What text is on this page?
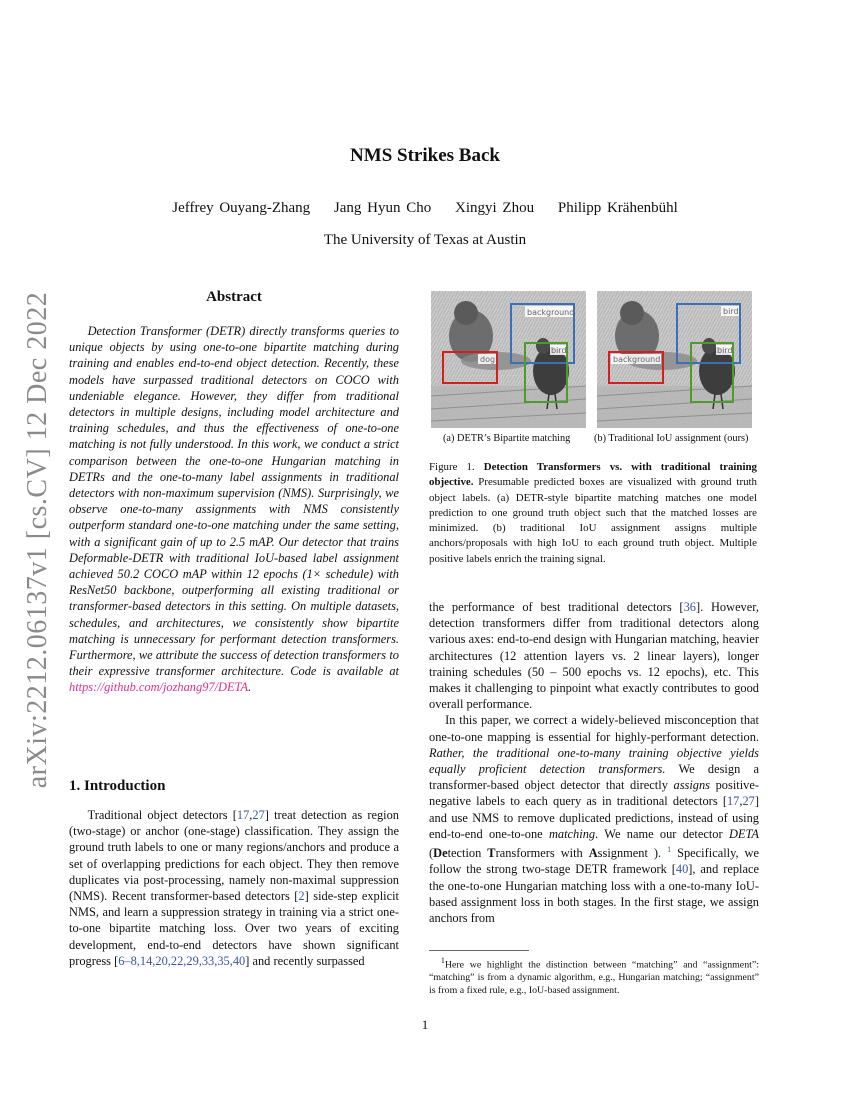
arXiv:2212.06137v1 [cs.CV] 12 Dec 2022
NMS Strikes Back
Jeffrey Ouyang-Zhang Jang Hyun Cho Xingyi Zhou Philipp Krähenbühl
The University of Texas at Austin
Abstract
Detection Transformer (DETR) directly transforms queries to unique objects by using one-to-one bipartite matching during training and enables end-to-end object detection. Recently, these models have surpassed traditional detectors on COCO with undeniable elegance. However, they differ from traditional detectors in multiple designs, including model architecture and training schedules, and thus the effectiveness of one-to-one matching is not fully understood. In this work, we conduct a strict comparison between the one-to-one Hungarian matching in DETRs and the one-to-many label assignments in traditional detectors with non-maximum supervision (NMS). Surprisingly, we observe one-to-many assignments with NMS consistently outperform standard one-to-one matching under the same setting, with a significant gain of up to 2.5 mAP. Our detector that trains Deformable-DETR with traditional IoU-based label assignment achieved 50.2 COCO mAP within 12 epochs (1× schedule) with ResNet50 backbone, outperforming all existing traditional or transformer-based detectors in this setting. On multiple datasets, schedules, and architectures, we consistently show bipartite matching is unnecessary for performant detection transformers. Furthermore, we attribute the success of detection transformers to their expressive transformer architecture. Code is available at https://github.com/jozhang97/DETA.
1. Introduction
Traditional object detectors [17,27] treat detection as region (two-stage) or anchor (one-stage) classification. They assign the ground truth labels to one or many regions/anchors and produce a set of overlapping predictions for each object. They then remove duplicates via post-processing, namely non-maximal suppression (NMS). Recent transformer-based detectors [2] side-step explicit NMS, and learn a suppression strategy in training via a strict one-to-one bipartite matching loss. Over two years of exciting development, end-to-end detectors have shown significant progress [6–8,14,20,22,29,33,35,40] and recently surpassed
background
dog
bird
bird
background
bird
(a) DETR’s Bipartite matching (b) Traditional IoU assignment (ours)
Figure 1. Detection Transformers vs. with traditional training objective. Presumable predicted boxes are visualized with ground truth object labels. (a) DETR-style bipartite matching matches one model prediction to one ground truth object such that the matched losses are minimized. (b) traditional IoU assignment assigns multiple anchors/proposals with high IoU to each ground truth object. Multiple positive labels enrich the training signal.

the performance of best traditional detectors [36]. However, detection transformers differ from traditional detectors along various axes: end-to-end design with Hungarian matching, heavier architectures (12 attention layers vs. 2 linear layers), longer training schedules (50 – 500 epochs vs. 12 epochs), etc. This makes it challenging to pinpoint what exactly contributes to good overall performance.

In this paper, we correct a widely-believed misconception that one-to-one mapping is essential for highly-performant detection. Rather, the traditional one-to-many training objective yields equally proficient detection transformers. We design a transformer-based object detector that directly assigns positive-negative labels to each query as in traditional detectors [17,27] and use NMS to remove duplicated predictions, instead of using end-to-end one-to-one matching. We name our detector DETA (Detection Transformers with Assignment ). $^1$ Specifically, we follow the strong two-stage DETR framework [40], and replace the one-to-one Hungarian matching loss with a one-to-many IoU-based assignment loss in both stages. In the first stage, we assign anchors from

$^1$Here we highlight the distinction between “matching” and “assignment”: “matching” is from a dynamic algorithm, e.g., Hungarian matching; “assignment” is from a fixed rule, e.g., IoU-based assignment.
1
